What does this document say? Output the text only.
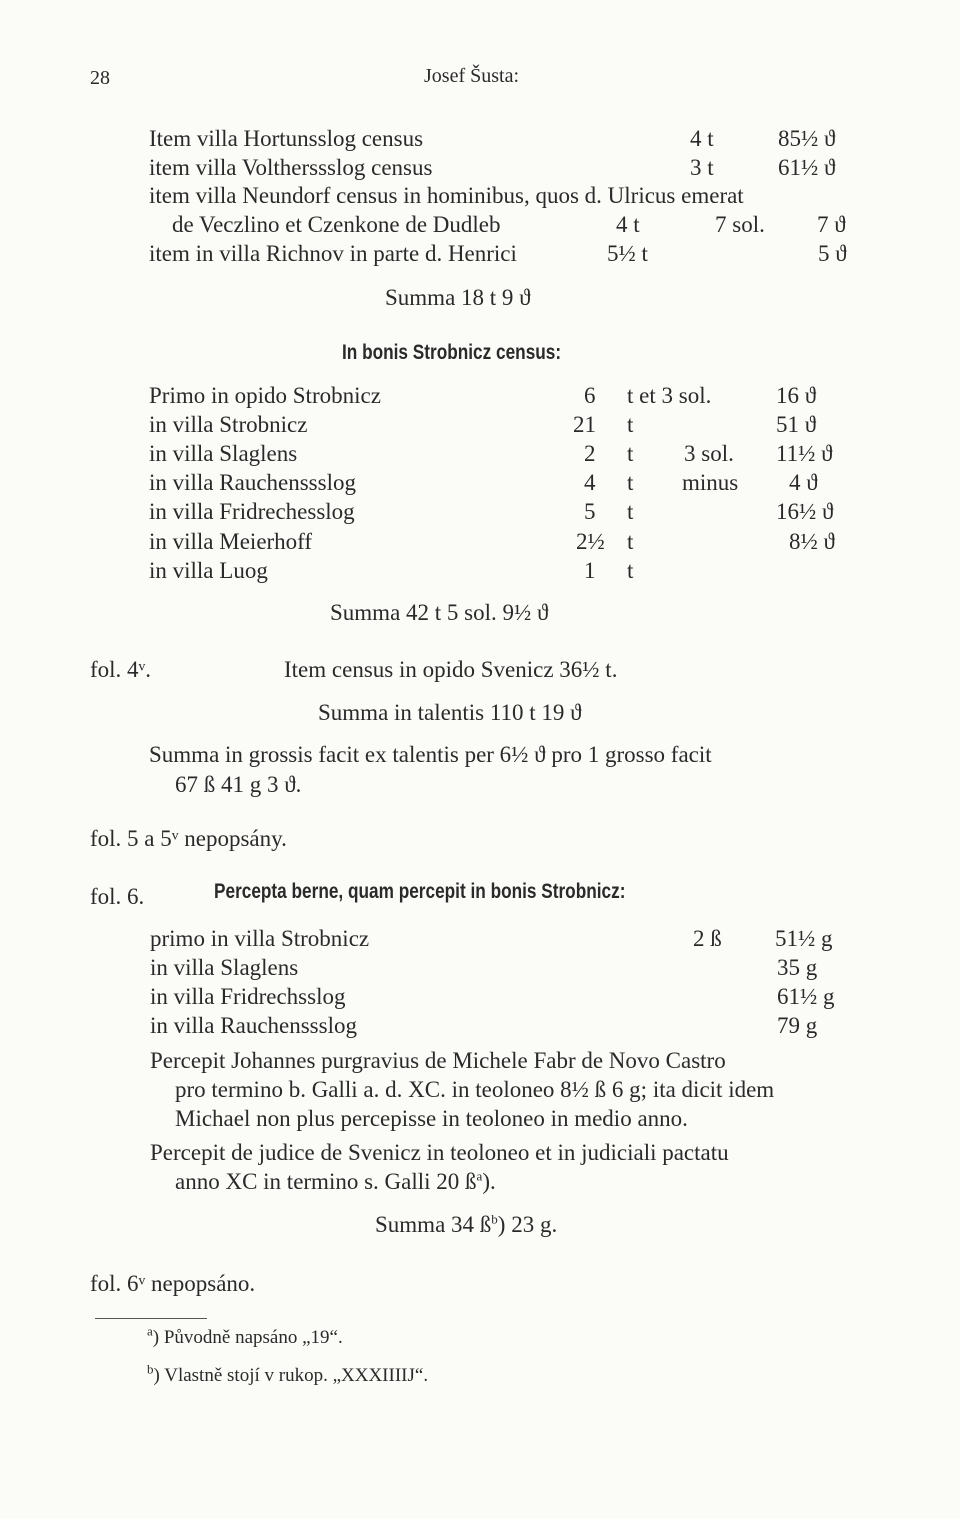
28	Josef Šusta:
Item villa Hortunsslog census	4 t	85½ ϑ
item villa Voltherssslog census	3 t	61½ ϑ
item villa Neundorf census in hominibus, quos d. Ulricus emerat
de Veczlino et Czenkone de Dudleb	4 t	7 sol. 7 ϑ
item in villa Richnov in parte d. Henrici	5½ t	5 ϑ
Summa 18 t 9 ϑ
In bonis Strobnicz census:
Primo in opido Strobnicz	6 t et 3 sol.	16 ϑ
in villa Strobnicz	21 t	51 ϑ
in villa Slaglens	2 t 3 sol. 11½ ϑ
in villa Rauchenssslog	4 t minus 4 ϑ
in villa Fridrechesslog	5 t	16½ ϑ
in villa Meierhoff	2½ t	8½ ϑ
in villa Luog	1 t
Summa 42 t 5 sol. 9½ ϑ
fol. 4ᵛ.	Item census in opido Svenicz 36½ t.
Summa in talentis 110 t 19 ϑ
Summa in grossis facit ex talentis per 6½ ϑ pro 1 grosso facit
67 ß 41 g 3 ϑ.
fol. 5 a 5ᵛ nepopsány.
fol. 6.	Percepta berne, quam percepit in bonis Strobnicz:
primo in villa Strobnicz	2 ß 51½ g
in villa Slaglens	35 g
in villa Fridrechsslog	61½ g
in villa Rauchenssslog	79 g
Percepit Johannes purgravius de Michele Fabr de Novo Castro
pro termino b. Galli a. d. XC. in teoloneo 8½ ß 6 g; ita dicit idem
Michael non plus percepisse in teoloneo in medio anno.
Percepit de judice de Svenicz in teoloneo et in judiciali pactatu
anno XC in termino s. Galli 20 $ß^a$).
Summa 34 $ß^b$) 23 g.
fol. 6ᵛ nepopsáno.
$^a$) Původně napsáno „19“.
$^b$) Vlastně stojí v rukop. „XXXIIIIJ“.
